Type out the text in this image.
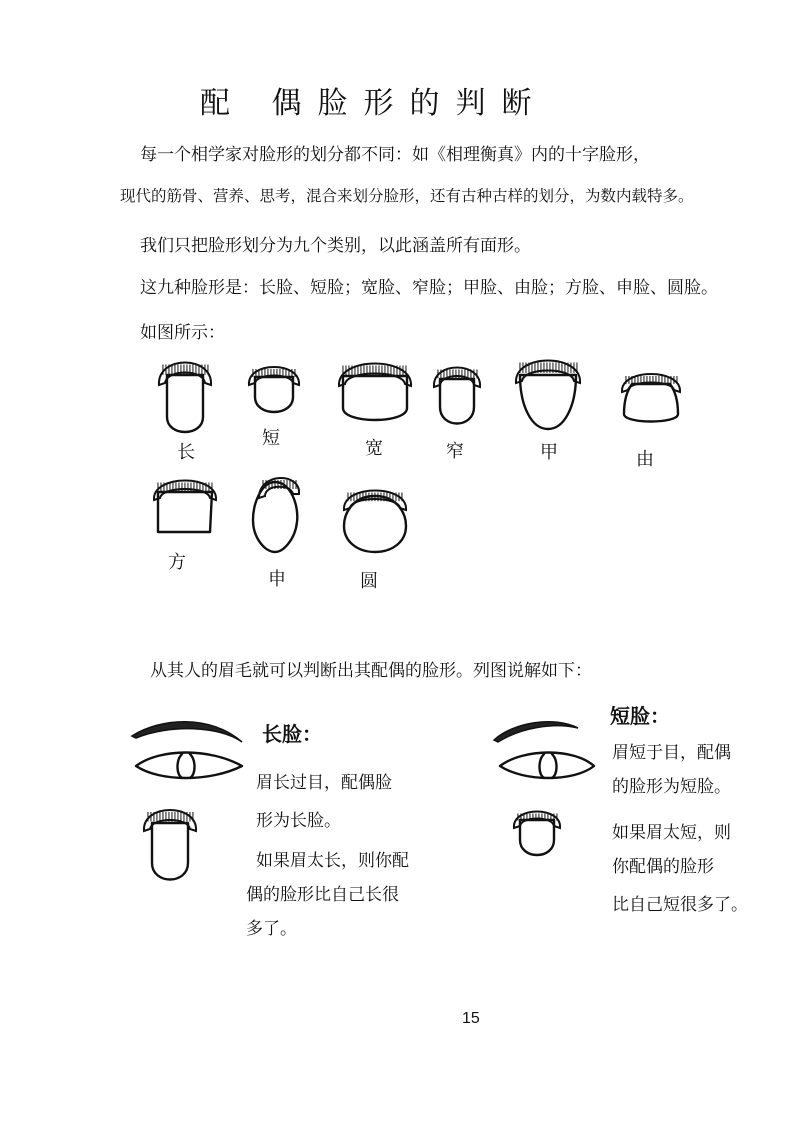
配 偶脸形的判断
每一个相学家对脸形的划分都不同：如《相理衡真》内的十字脸形，
现代的筋骨、营养、思考，混合来划分脸形，还有古种古样的划分，为数内载特多。
我们只把脸形划分为九个类别，以此涵盖所有面形。
这九种脸形是：长脸、短脸；宽脸、窄脸；甲脸、由脸；方脸、申脸、圆脸。
如图所示：
长
短	宽	窄	甲	由
方
申	圆
从其人的眉毛就可以判断出其配偶的脸形。列图说解如下：
长脸：
眉长过目，配偶脸
形为长脸。
如果眉太长，则你配
偶的脸形比自己长很
多了。
短脸：
眉短于目，配偶
的脸形为短脸。
如果眉太短，则
你配偶的脸形
比自己短很多了。
15
